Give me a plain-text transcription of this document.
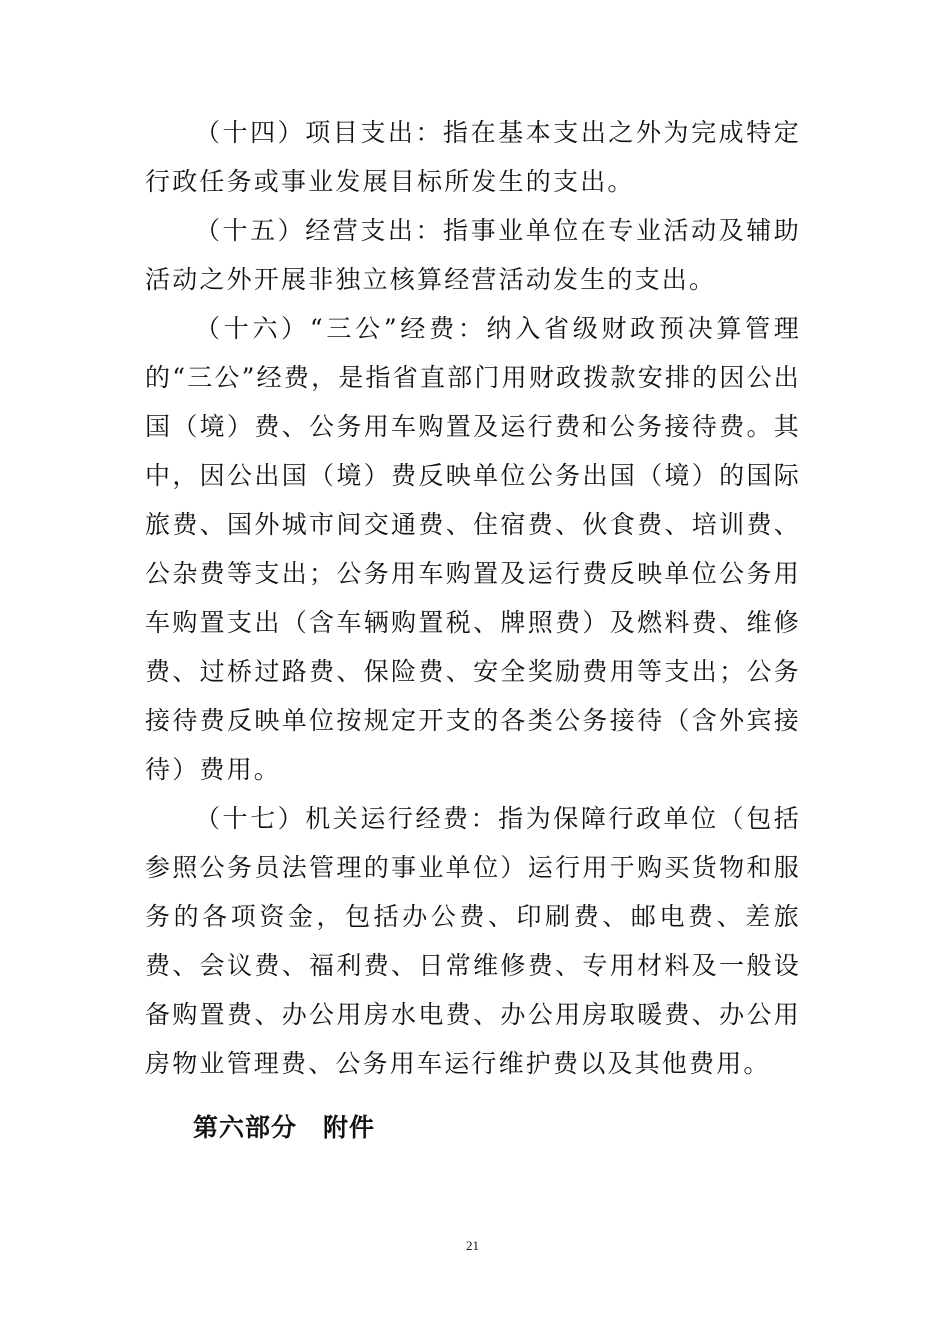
（十四）项目支出：指在基本支出之外为完成特定行政任务或事业发展目标所发生的支出。

（十五）经营支出：指事业单位在专业活动及辅助活动之外开展非独立核算经营活动发生的支出。

（十六）“三公”经费：纳入省级财政预决算管理的“三公”经费，是指省直部门用财政拨款安排的因公出国（境）费、公务用车购置及运行费和公务接待费。其中，因公出国（境）费反映单位公务出国（境）的国际旅费、国外城市间交通费、住宿费、伙食费、培训费、公杂费等支出；公务用车购置及运行费反映单位公务用车购置支出（含车辆购置税、牌照费）及燃料费、维修费、过桥过路费、保险费、安全奖励费用等支出；公务接待费反映单位按规定开支的各类公务接待（含外宾接待）费用。

（十七）机关运行经费：指为保障行政单位（包括参照公务员法管理的事业单位）运行用于购买货物和服务的各项资金，包括办公费、印刷费、邮电费、差旅费、会议费、福利费、日常维修费、专用材料及一般设备购置费、办公用房水电费、办公用房取暖费、办公用房物业管理费、公务用车运行维护费以及其他费用。

第六部分　附件
21
